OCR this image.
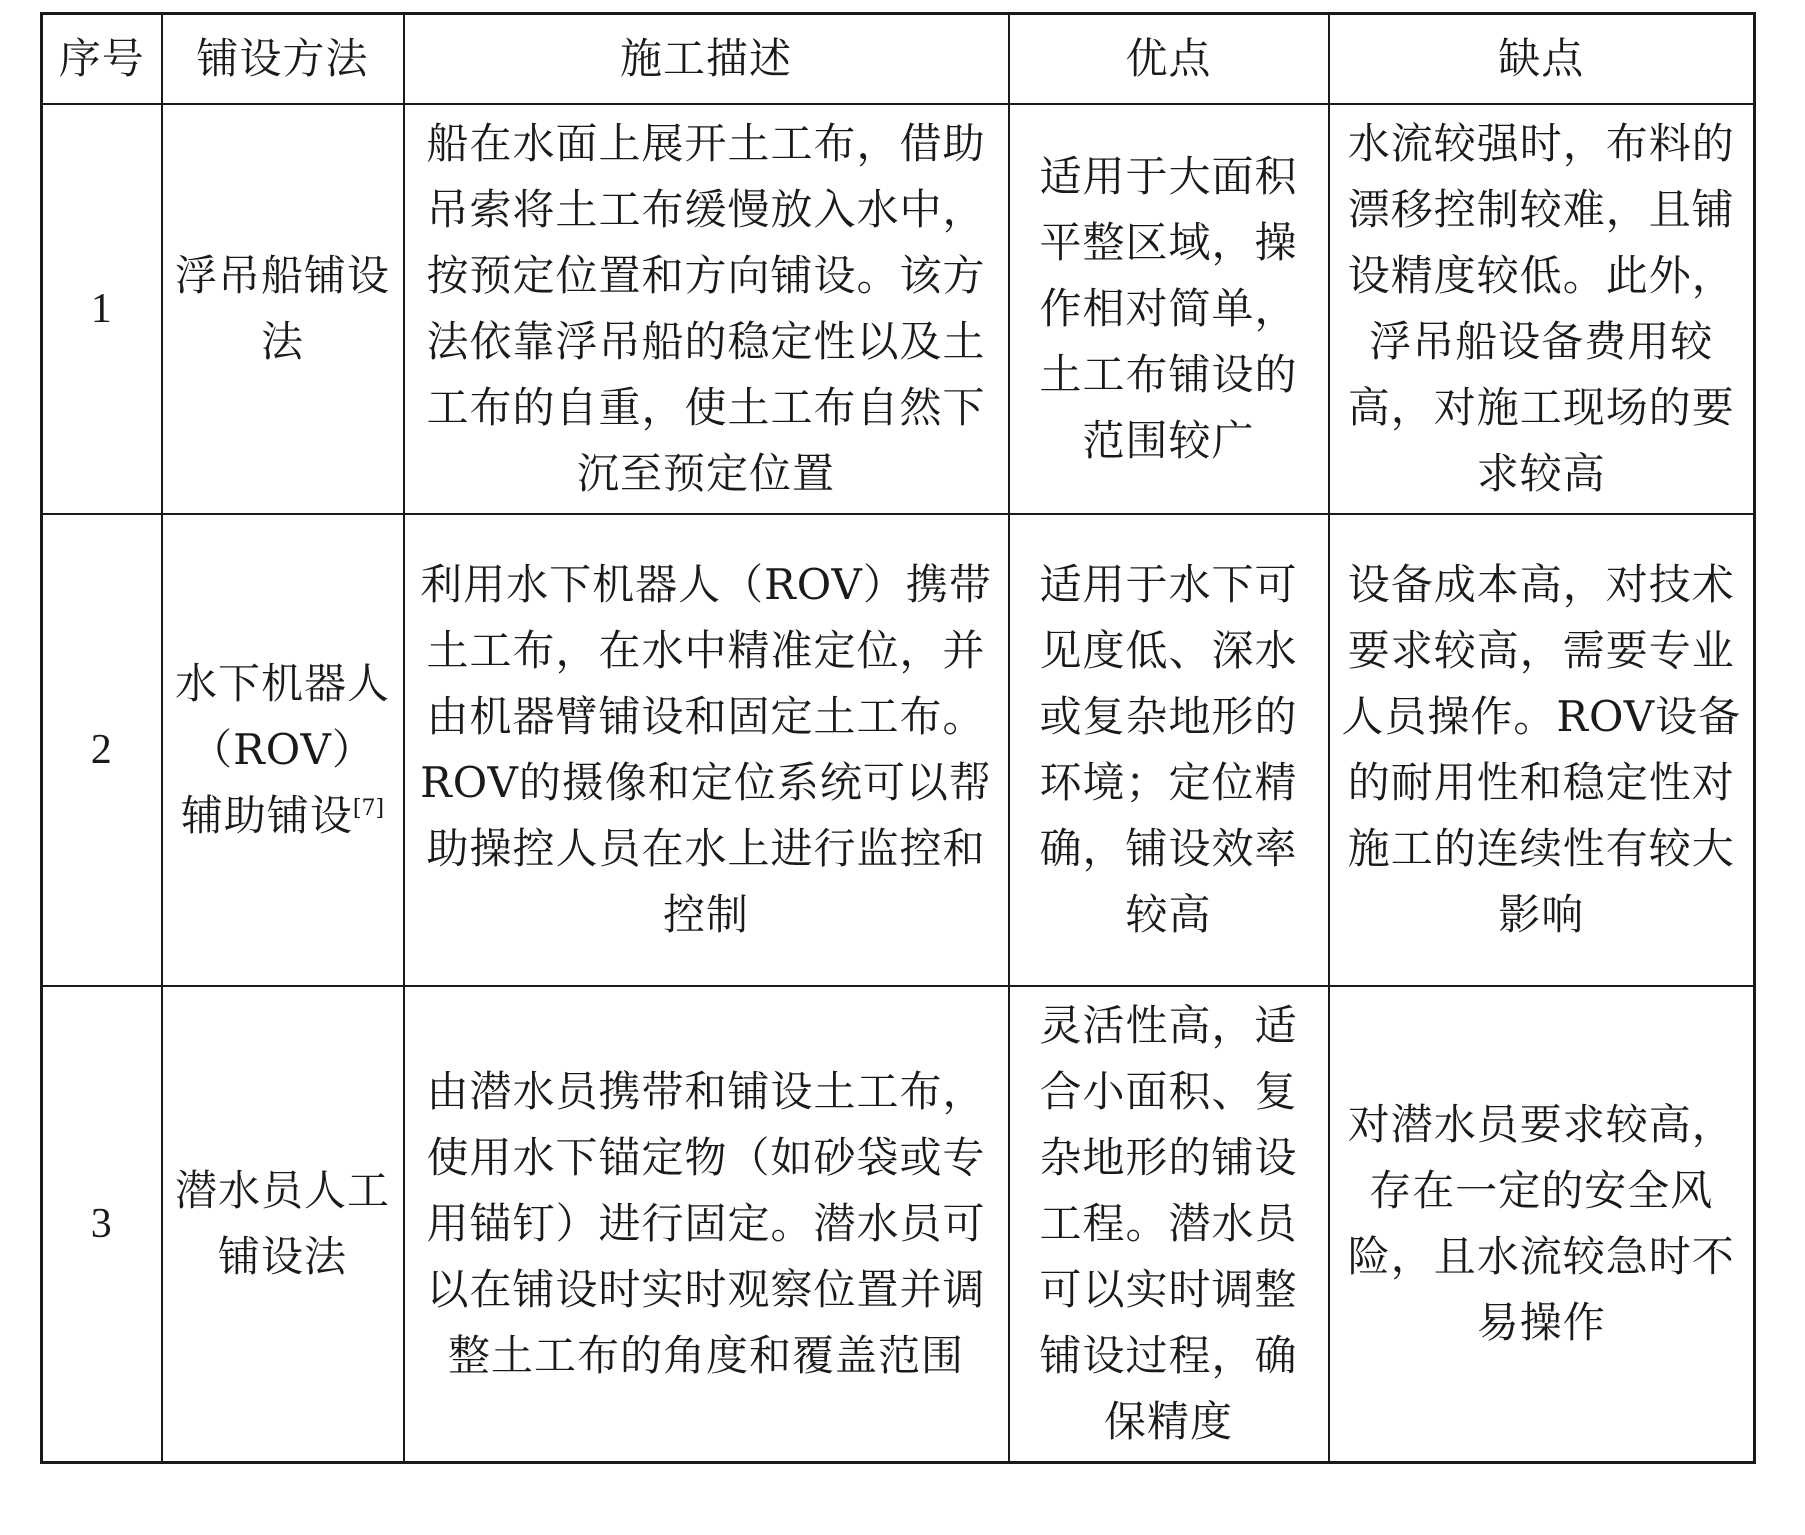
序号	铺设方法	施工描述	优点	缺点
1	浮吊船铺设法	船在水面上展开土工布，借助吊索将土工布缓慢放入水中，按预定位置和方向铺设。该方法依靠浮吊船的稳定性以及土工布的自重，使土工布自然下沉至预定位置	适用于大面积平整区域，操作相对简单，土工布铺设的范围较广	水流较强时，布料的漂移控制较难，且铺设精度较低。此外，浮吊船设备费用较高，对施工现场的要求较高
2	水下机器人（ROV）辅助铺设[7]	利用水下机器人（ROV）携带土工布，在水中精准定位，并由机器臂铺设和固定土工布。ROV的摄像和定位系统可以帮助操控人员在水上进行监控和控制	适用于水下可见度低、深水或复杂地形的环境；定位精确，铺设效率较高	设备成本高，对技术要求较高，需要专业人员操作。ROV设备的耐用性和稳定性对施工的连续性有较大影响
3	潜水员人工铺设法	由潜水员携带和铺设土工布，使用水下锚定物（如砂袋或专用锚钉）进行固定。潜水员可以在铺设时实时观察位置并调整土工布的角度和覆盖范围	灵活性高，适合小面积、复杂地形的铺设工程。潜水员可以实时调整铺设过程，确保精度	对潜水员要求较高，存在一定的安全风险，且水流较急时不易操作
